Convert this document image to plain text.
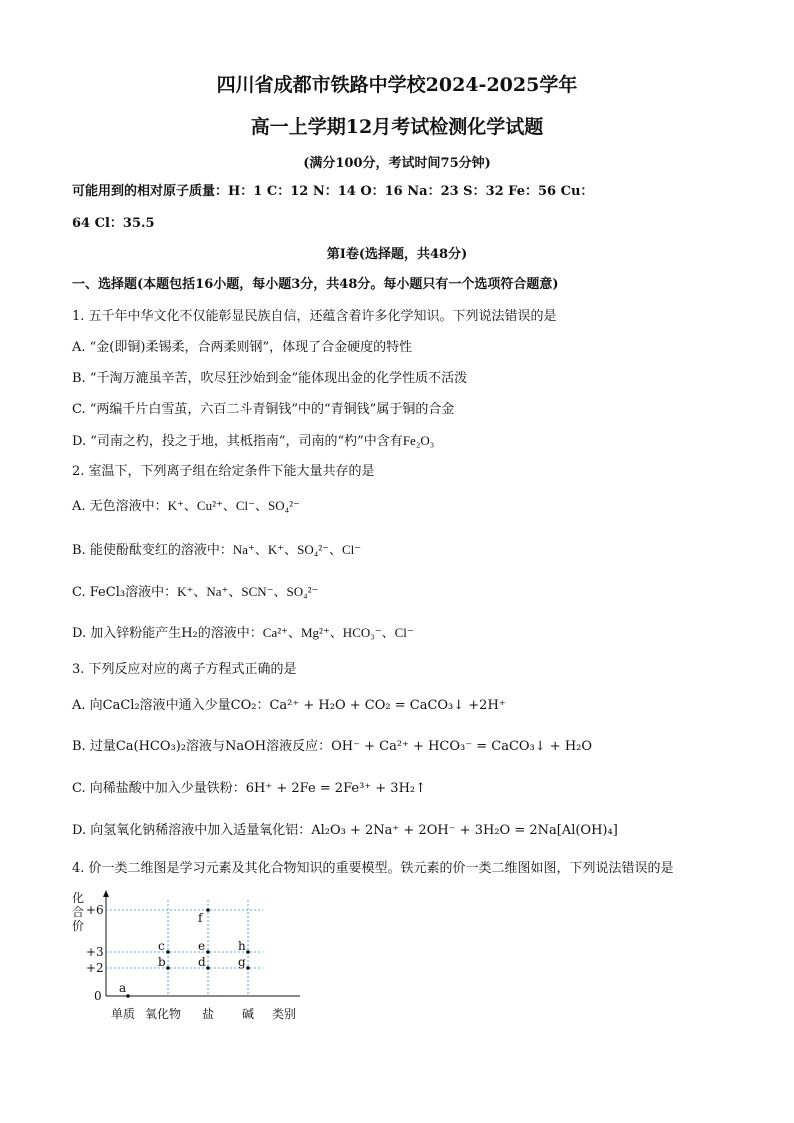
四川省成都市铁路中学校2024-2025学年
高一上学期12月考试检测化学试题
(满分100分，考试时间75分钟)
可能用到的相对原子质量：H：1 C：12 N：14 O：16 Na：23 S：32 Fe：56 Cu：
64 Cl：35.5
第Ⅰ卷(选择题，共48分)
一、选择题(本题包括16小题，每小题3分，共48分。每小题只有一个选项符合题意)
1. 五千年中华文化不仅能彰显民族自信，还蕴含着许多化学知识。下列说法错误的是
A. “金(即铜)柔锡柔，合两柔则钢”，体现了合金硬度的特性
B. “千淘万漉虽辛苦，吹尽狂沙始到金”能体现出金的化学性质不活泼
C. “两编千片白雪茧，六百二斗青铜钱”中的“青铜钱”属于铜的合金
D. “司南之杓，投之于地，其柢指南”，司南的“杓”中含有Fe₂O₃
2. 室温下，下列离子组在给定条件下能大量共存的是
A. 无色溶液中：K⁺、Cu²⁺、Cl⁻、SO₄²⁻
B. 能使酚酞变红的溶液中：Na⁺、K⁺、SO₄²⁻、Cl⁻
C. FeCl₃溶液中：K⁺、Na⁺、SCN⁻、SO₄²⁻
D. 加入锌粉能产生H₂的溶液中：Ca²⁺、Mg²⁺、HCO₃⁻、Cl⁻
3. 下列反应对应的离子方程式正确的是
A. 向CaCl₂溶液中通入少量CO₂：Ca²⁺ + H₂O + CO₂ = CaCO₃↓ +2H⁺
B. 过量Ca(HCO₃)₂溶液与NaOH溶液反应：OH⁻ + Ca²⁺ + HCO₃⁻ = CaCO₃↓ + H₂O
C. 向稀盐酸中加入少量铁粉：6H⁺ + 2Fe = 2Fe³⁺ + 3H₂↑
D. 向氢氧化钠稀溶液中加入适量氧化铝：Al₂O₃ + 2Na⁺ + 2OH⁻ + 3H₂O = 2Na[Al(OH)₄]
4. 价一类二维图是学习元素及其化合物知识的重要模型。铁元素的价一类二维图如图，下列说法错误的是
化
合
价
+6
+3
+2
0
单质 氧化物 盐 碱 类别
a
b
c
d
e
f
g
h
